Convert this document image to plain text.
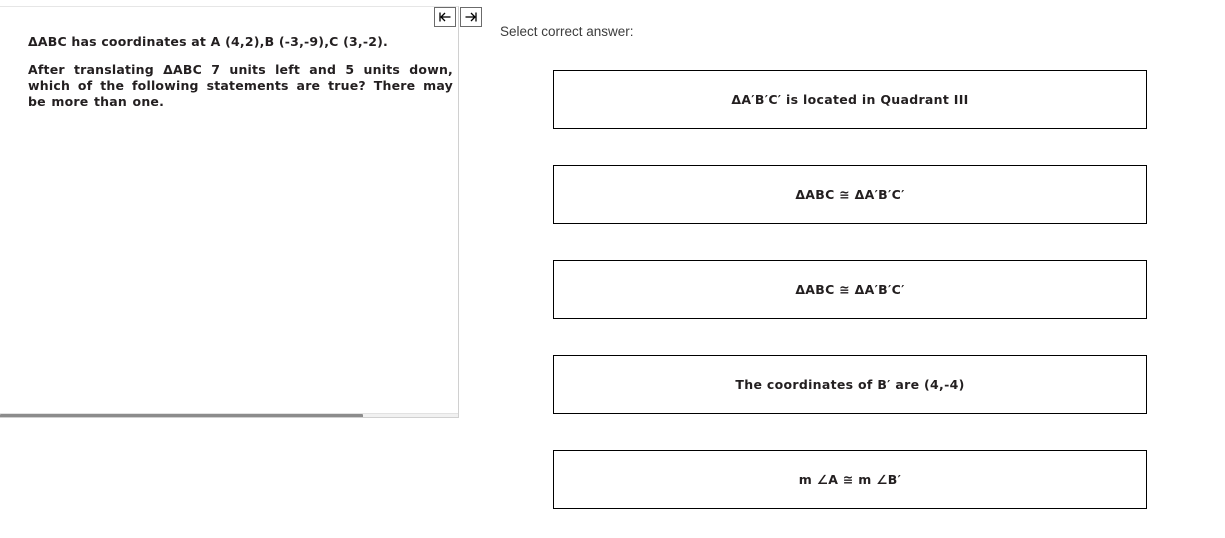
ΔABC has coordinates at A (4,2),B (-3,-9),C (3,-2).

After translating ΔABC 7 units left and 5 units down, which of the following statements are true? There may be more than one.

Select correct answer:
ΔA′B′C′ is located in Quadrant III
ΔABC ≅ ΔA′B′C′
ΔABC ≅ ΔA′B′C′
The coordinates of B′ are (4,-4)
m ∠A ≅ m ∠B′
